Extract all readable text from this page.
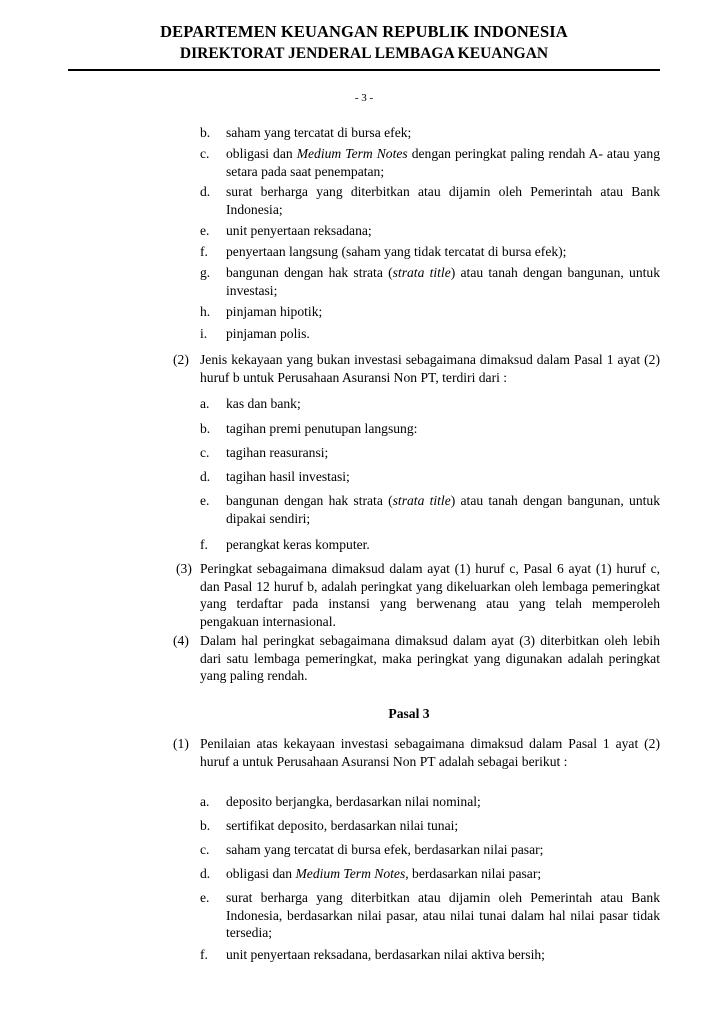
DEPARTEMEN KEUANGAN REPUBLIK INDONESIA
DIREKTORAT JENDERAL LEMBAGA KEUANGAN
- 3 -
b. saham yang tercatat di bursa efek;
c. obligasi dan Medium Term Notes dengan peringkat paling rendah A- atau yang setara pada saat penempatan;
d. surat berharga yang diterbitkan atau dijamin oleh Pemerintah atau Bank Indonesia;
e. unit penyertaan reksadana;
f. penyertaan langsung (saham yang tidak tercatat di bursa efek);
g. bangunan dengan hak strata (strata title) atau tanah dengan bangunan, untuk investasi;
h. pinjaman hipotik;
i. pinjaman polis.
(2) Jenis kekayaan yang bukan investasi sebagaimana dimaksud dalam Pasal 1 ayat (2) huruf b untuk Perusahaan Asuransi Non PT, terdiri dari :
a. kas dan bank;
b. tagihan premi penutupan langsung:
c. tagihan reasuransi;
d. tagihan hasil investasi;
e. bangunan dengan hak strata (strata title) atau tanah dengan bangunan, untuk dipakai sendiri;
f. perangkat keras komputer.
(3) Peringkat sebagaimana dimaksud dalam ayat (1) huruf c, Pasal 6 ayat (1) huruf c, dan Pasal 12 huruf b, adalah peringkat yang dikeluarkan oleh lembaga pemeringkat yang terdaftar pada instansi yang berwenang atau yang telah memperoleh pengakuan internasional.
(4) Dalam hal peringkat sebagaimana dimaksud dalam ayat (3) diterbitkan oleh lebih dari satu lembaga pemeringkat, maka peringkat yang digunakan adalah peringkat yang paling rendah.
Pasal 3
(1) Penilaian atas kekayaan investasi sebagaimana dimaksud dalam Pasal 1 ayat (2) huruf a untuk Perusahaan Asuransi Non PT adalah sebagai berikut :
a. deposito berjangka, berdasarkan nilai nominal;
b. sertifikat deposito, berdasarkan nilai tunai;
c. saham yang tercatat di bursa efek, berdasarkan nilai pasar;
d. obligasi dan Medium Term Notes, berdasarkan nilai pasar;
e. surat berharga yang diterbitkan atau dijamin oleh Pemerintah atau Bank Indonesia, berdasarkan nilai pasar, atau nilai tunai dalam hal nilai pasar tidak tersedia;
f. unit penyertaan reksadana, berdasarkan nilai aktiva bersih;
